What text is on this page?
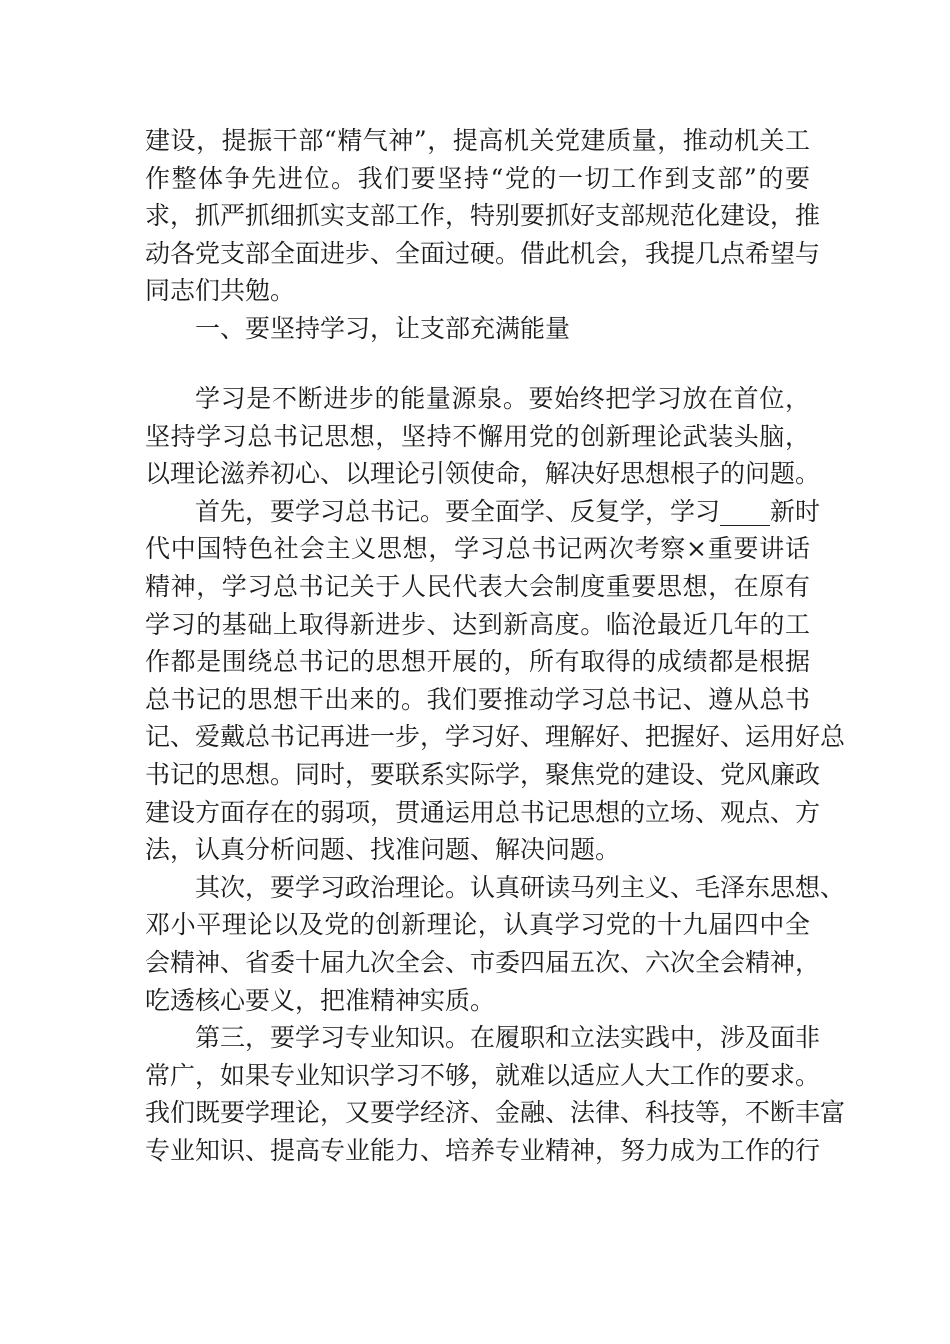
建设，提振干部“精气神”，提高机关党建质量，推动机关工
作整体争先进位。我们要坚持“党的一切工作到支部”的要
求，抓严抓细抓实支部工作，特别要抓好支部规范化建设，推
动各党支部全面进步、全面过硬。借此机会，我提几点希望与
同志们共勉。
一、要坚持学习，让支部充满能量
学习是不断进步的能量源泉。要始终把学习放在首位，
坚持学习总书记思想，坚持不懈用党的创新理论武装头脑，
以理论滋养初心、以理论引领使命，解决好思想根子的问题。
首先，要学习总书记。要全面学、反复学，学习____新时
代中国特色社会主义思想，学习总书记两次考察×重要讲话
精神，学习总书记关于人民代表大会制度重要思想，在原有
学习的基础上取得新进步、达到新高度。临沧最近几年的工
作都是围绕总书记的思想开展的，所有取得的成绩都是根据
总书记的思想干出来的。我们要推动学习总书记、遵从总书
记、爱戴总书记再进一步，学习好、理解好、把握好、运用好总
书记的思想。同时，要联系实际学，聚焦党的建设、党风廉政
建设方面存在的弱项，贯通运用总书记思想的立场、观点、方
法，认真分析问题、找准问题、解决问题。
其次，要学习政治理论。认真研读马列主义、毛泽东思想、
邓小平理论以及党的创新理论，认真学习党的十九届四中全
会精神、省委十届九次全会、市委四届五次、六次全会精神，
吃透核心要义，把准精神实质。
第三，要学习专业知识。在履职和立法实践中，涉及面非
常广，如果专业知识学习不够，就难以适应人大工作的要求。
我们既要学理论，又要学经济、金融、法律、科技等，不断丰富
专业知识、提高专业能力、培养专业精神，努力成为工作的行
